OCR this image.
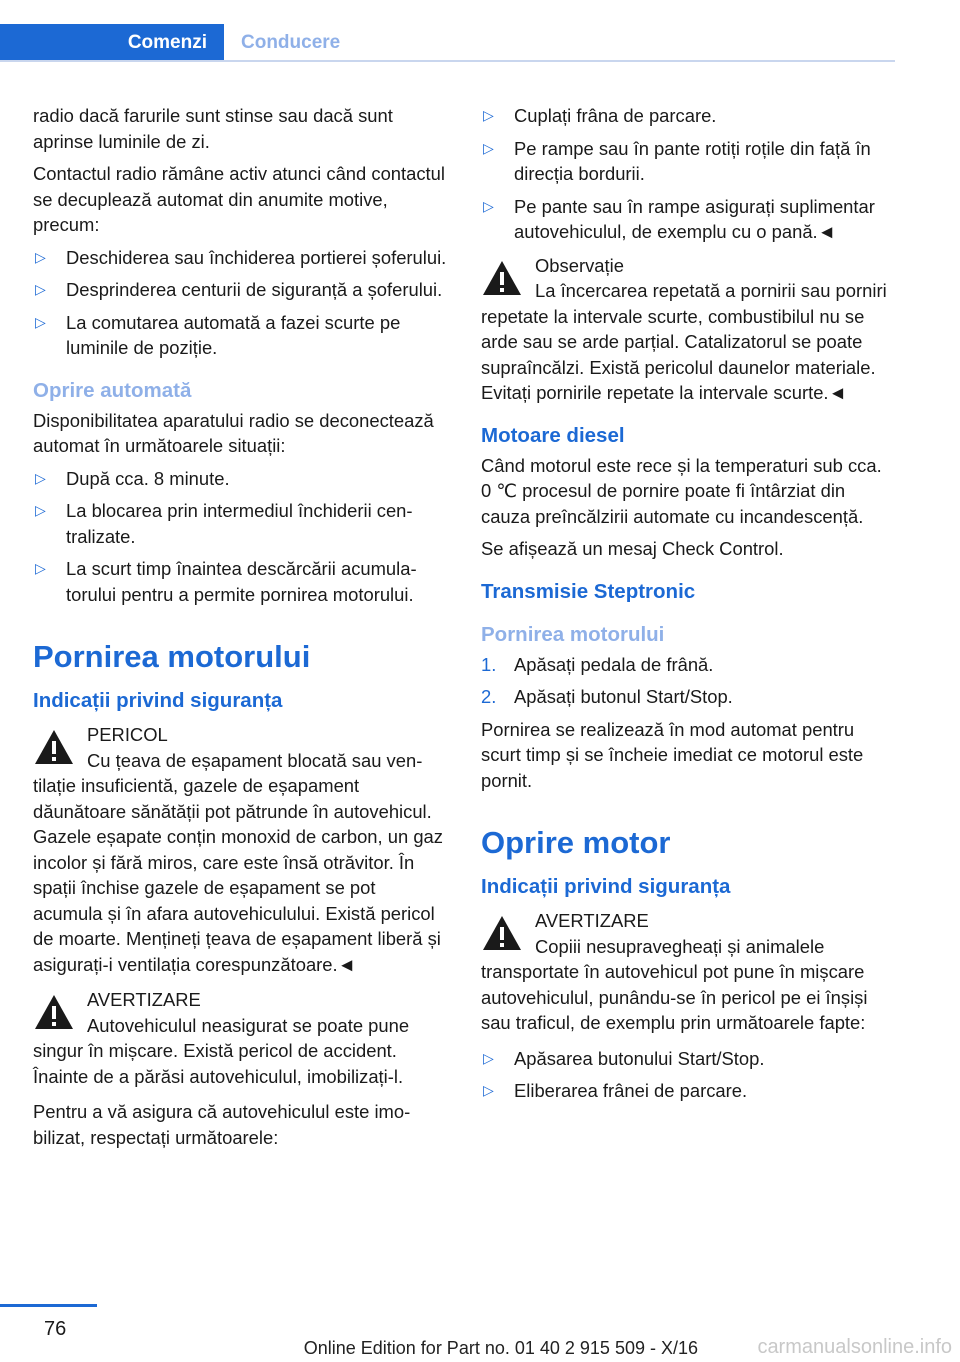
Comenzi	Conducere

radio dacă farurile sunt stinse sau dacă sunt aprinse luminile de zi.

Contactul radio rămâne activ atunci când contactul se decuplează automat din anumite motive, precum:

▷ Deschiderea sau închiderea portierei șoferului.
▷ Desprinderea centurii de siguranță a șoferului.
▷ La comutarea automată a fazei scurte pe luminile de poziție.
Oprire automată

Disponibilitatea aparatului radio se deconectează automat în următoarele situații:

▷ După cca. 8 minute.
▷ La blocarea prin intermediul închiderii centralizate.
▷ La scurt timp înaintea descărcării acumulatorului pentru a permite pornirea motorului.
Pornirea motorului
Indicații privind siguranța
PERICOL
Cu țeava de eșapament blocată sau ventilație insuficientă, gazele de eșapament dăunătoare sănătății pot pătrunde în autovehicul. Gazele eșapate conțin monoxid de carbon, un gaz incolor și fără miros, care este însă otrăvitor. În spații închise gazele de eșapament se pot acumula și în afara autovehiculului. Există pericol de moarte. Mențineți țeava de eșapament liberă și asigurați-i ventilația corespunzătoare.◄
AVERTIZARE
Autovehiculul neasigurat se poate pune singur în mișcare. Există pericol de accident. Înainte de a părăsi autovehiculul, imobilizați-l.

Pentru a vă asigura că autovehiculul este imobilizat, respectați următoarele:

▷ Cuplați frâna de parcare.
▷ Pe rampe sau în pante rotiți roțile din față în direcția bordurii.
▷ Pe pante sau în rampe asigurați suplimentar autovehiculul, de exemplu cu o pană.◄
Observație
La încercarea repetată a pornirii sau porniri repetate la intervale scurte, combustibilul nu se arde sau se arde parțial. Catalizatorul se poate supraîncălzi. Există pericolul daunelor materiale. Evitați pornirile repetate la intervale scurte.◄
Motoare diesel

Când motorul este rece și la temperaturi sub cca. 0 ℃ procesul de pornire poate fi întârziat din cauza preîncălzirii automate cu incandescență.

Se afișează un mesaj Check Control.

Transmisie Steptronic
Pornirea motorului
1. Apăsați pedala de frână.
2. Apăsați butonul Start/Stop.

Pornirea se realizează în mod automat pentru scurt timp și se încheie imediat ce motorul este pornit.

Oprire motor
Indicații privind siguranța
AVERTIZARE
Copiii nesupravegheați și animalele transportate în autovehicul pot pune în mișcare autovehiculul, punându-se în pericol pe ei înșiși sau traficul, de exemplu prin următoarele fapte:
▷ Apăsarea butonului Start/Stop.
▷ Eliberarea frânei de parcare.
76
Online Edition for Part no. 01 40 2 915 509 - X/16	carmanualsonline.info
